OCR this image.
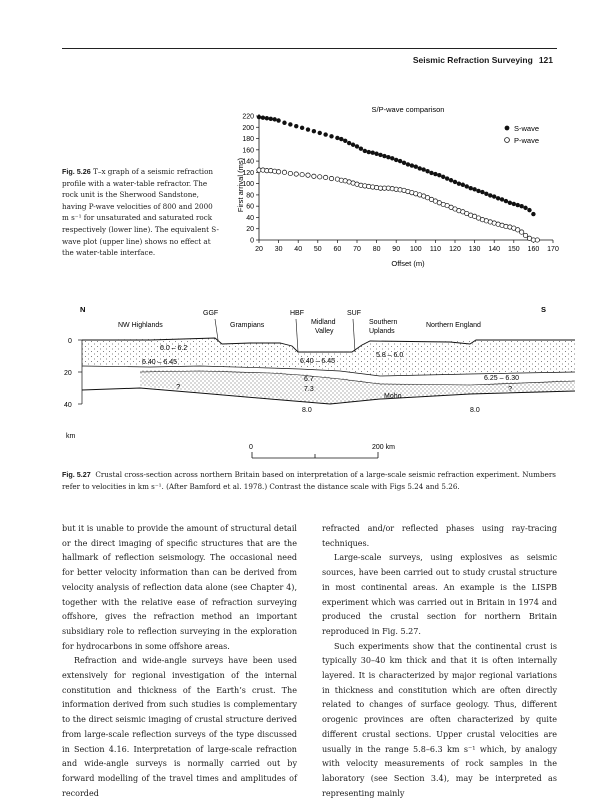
Seismic Refraction Surveying 121
S/P-wave comparison
20 30 40 50 60 70 80 90 100 110 120 130 140 150 160 170
0
20
40
60
80
100
120
140
160
180
200
220
Offset (m)
First arrival (ms)
S-wave
P-wave
Fig. 5.26 T–x graph of a seismic refraction profile with a water-table refractor. The rock unit is the Sherwood Sandstone, having P-wave velocities of 800 and 2000 m s⁻¹ for unsaturated and saturated rock respectively (lower line). The equivalent S-wave plot (upper line) shows no effect at the water-table interface.
N	S
GGF	HBF	SUF
NW Highlands	Grampians	Midland
Valley
Southern
Uplands
Northern England
6.0 – 6.2
6.40 – 6.45	6.40 – 6.45
5.8 – 6.0
6.7
7.3
6.25 – 6.30
8.0	8.0
Moho
?	?
0
20
40
km
0	200 km
Fig. 5.27 Crustal cross-section across northern Britain based on interpretation of a large-scale seismic refraction experiment. Numbers refer to velocities in km s⁻¹. (After Bamford et al. 1978.) Contrast the distance scale with Figs 5.24 and 5.26.

but it is unable to provide the amount of structural detail or the direct imaging of specific structures that are the hallmark of reflection seismology. The occasional need for better velocity information than can be derived from velocity analysis of reflection data alone (see Chapter 4), together with the relative ease of refraction surveying offshore, gives the refraction method an important subsidiary role to reflection surveying in the exploration for hydrocarbons in some offshore areas.

Refraction and wide-angle surveys have been used extensively for regional investigation of the internal constitution and thickness of the Earth’s crust. The information derived from such studies is complementary to the direct seismic imaging of crustal structure derived from large-scale reflection surveys of the type discussed in Section 4.16. Interpretation of large-scale refraction and wide-angle surveys is normally carried out by forward modelling of the travel times and amplitudes of recorded

refracted and/or reflected phases using ray-tracing techniques.

Large-scale surveys, using explosives as seismic sources, have been carried out to study crustal structure in most continental areas. An example is the LISPB experiment which was carried out in Britain in 1974 and produced the crustal section for northern Britain reproduced in Fig. 5.27.

Such experiments show that the continental crust is typically 30–40 km thick and that it is often internally layered. It is characterized by major regional variations in thickness and constitution which are often directly related to changes of surface geology. Thus, different orogenic provinces are often characterized by quite different crustal sections. Upper crustal velocities are usually in the range 5.8–6.3 km s⁻¹ which, by analogy with velocity measurements of rock samples in the laboratory (see Section 3.4), may be interpreted as representing mainly
